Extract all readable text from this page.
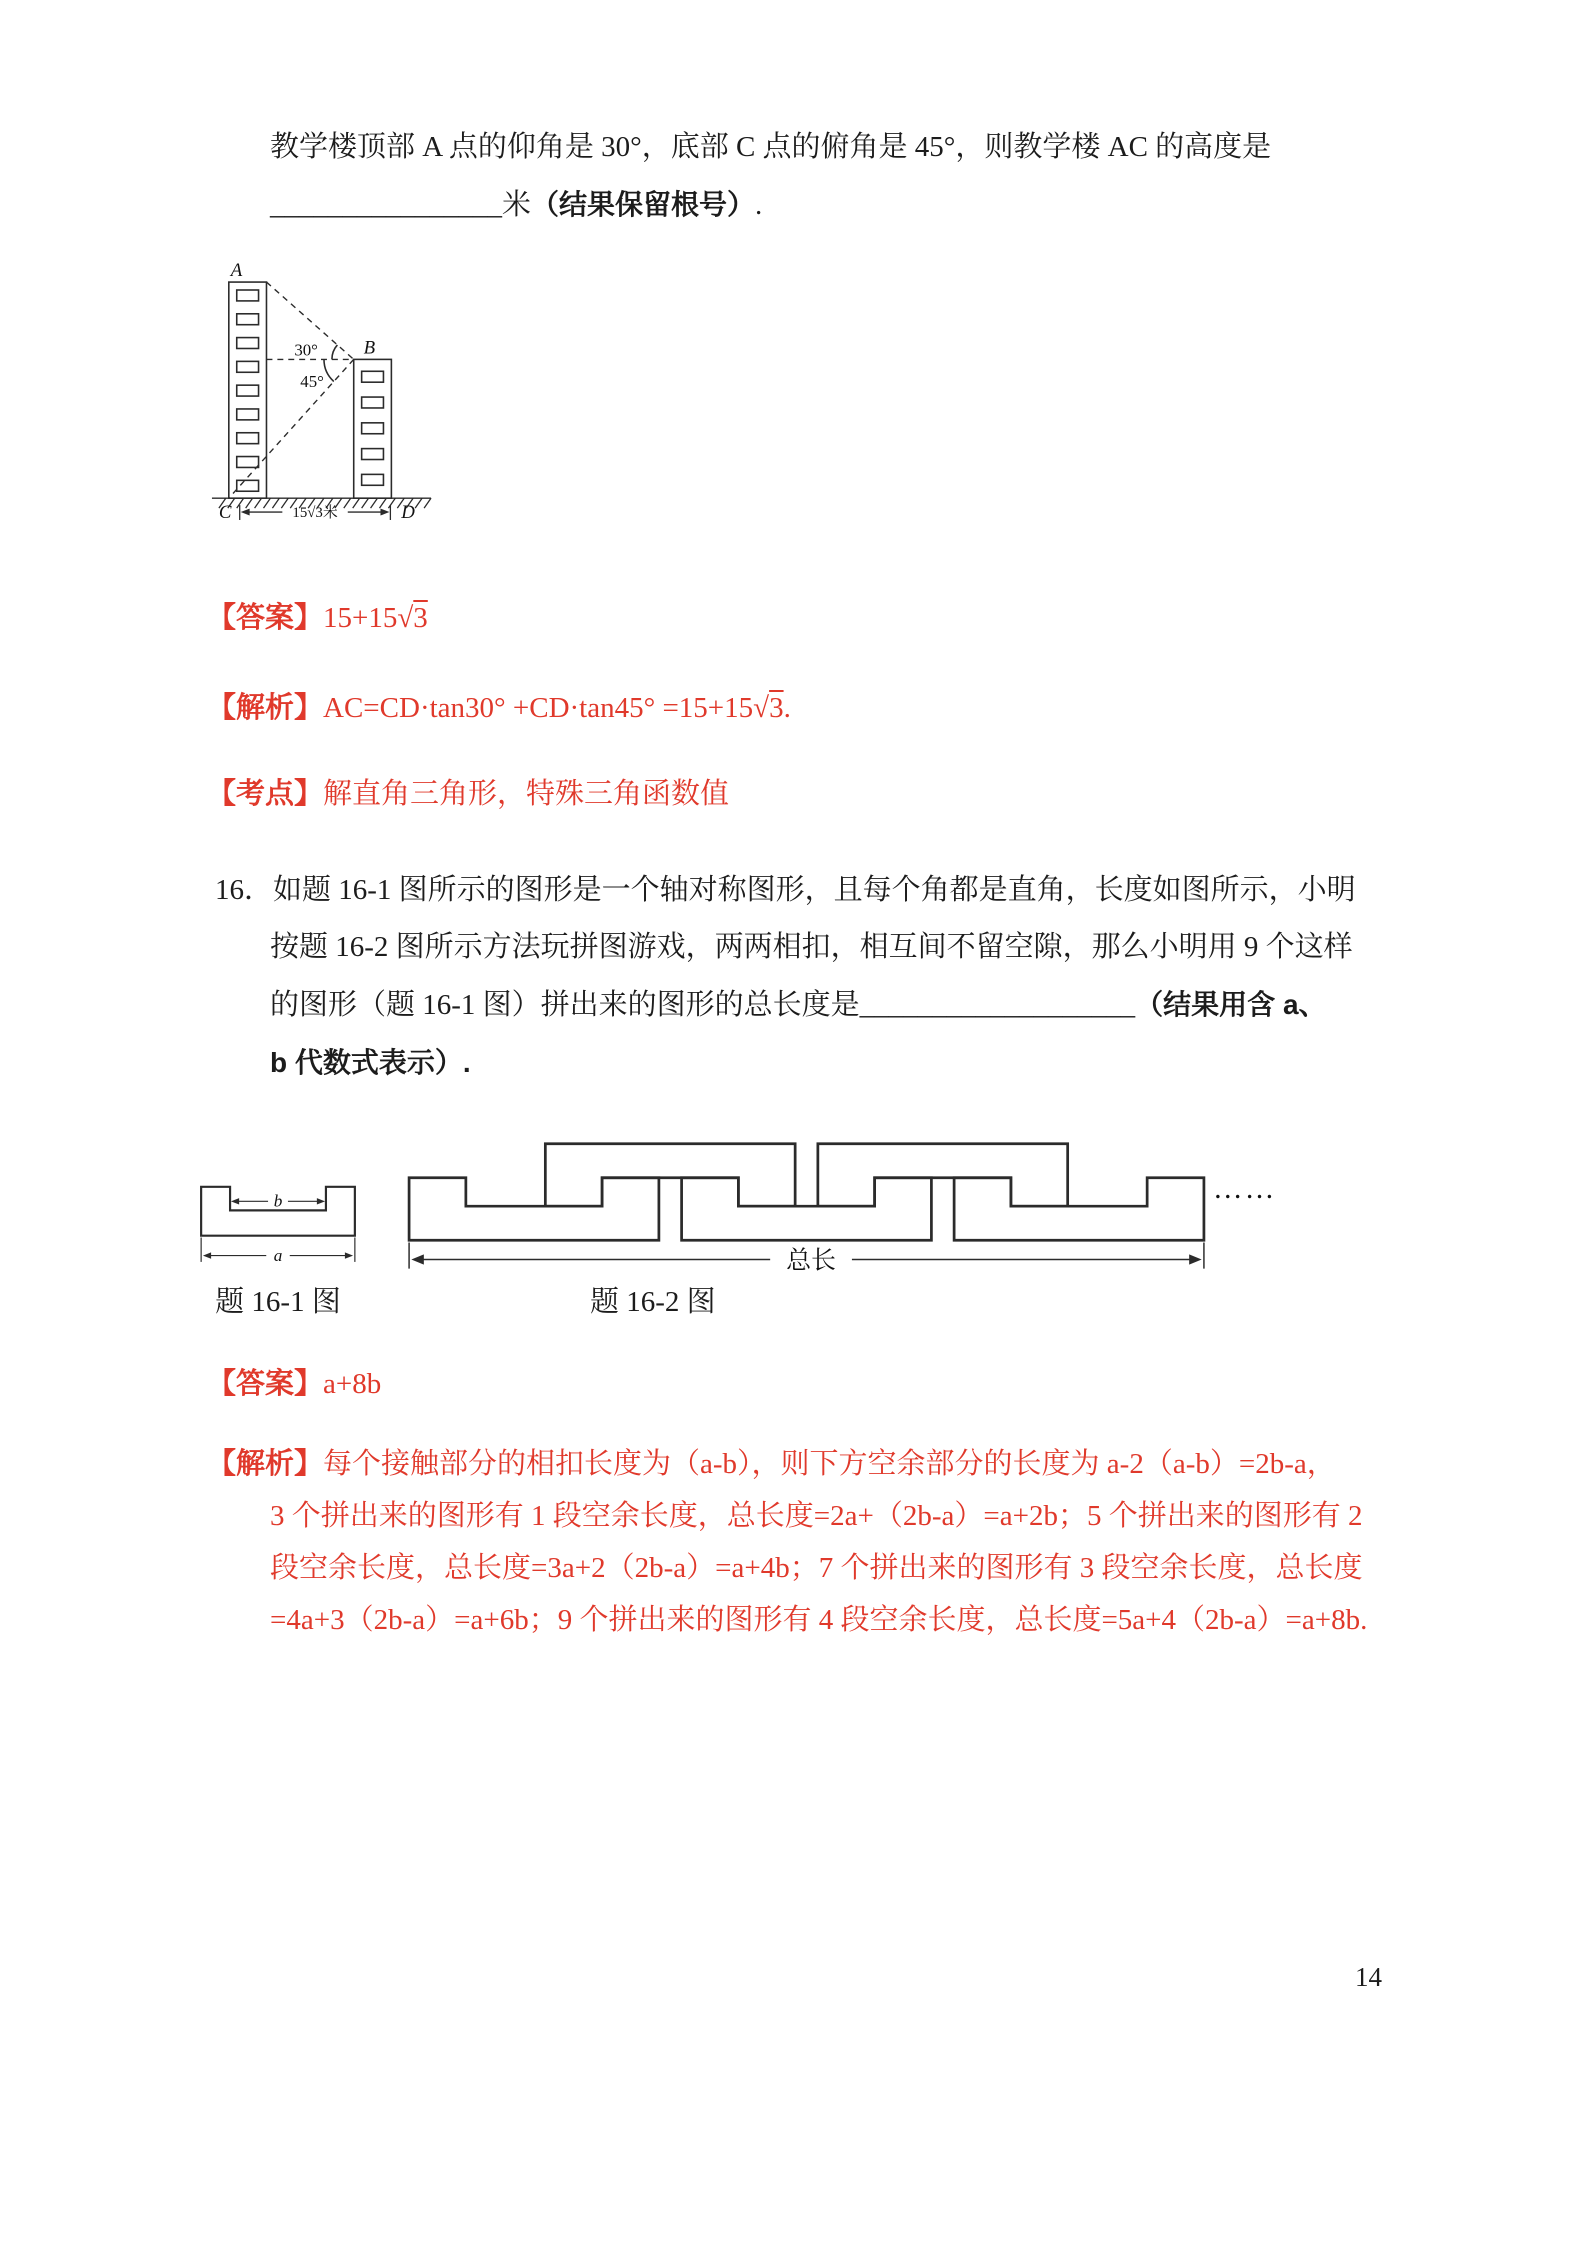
教学楼顶部 A 点的仰角是 30°，底部 C 点的俯角是 45°，则教学楼 AC 的高度是
________________米（结果保留根号）.
A
B
C	D
30°
45°
15√3米
【答案】15+15√3
【解析】AC=CD·tan30° +CD·tan45° =15+15√3.
【考点】解直角三角形，特殊三角函数值
16．如题 16-1 图所示的图形是一个轴对称图形，且每个角都是直角，长度如图所示，小明
按题 16-2 图所示方法玩拼图游戏，两两相扣，相互间不留空隙，那么小明用 9 个这样
的图形（题 16-1 图）拼出来的图形的总长度是___________________（结果用含 a、
b 代数式表示）.
b
a
题 16-1 图
总长
……
题 16-2 图
【答案】a+8b
【解析】每个接触部分的相扣长度为（a-b），则下方空余部分的长度为 a-2（a-b）=2b-a，
3 个拼出来的图形有 1 段空余长度，总长度=2a+（2b-a）=a+2b；5 个拼出来的图形有 2
段空余长度，总长度=3a+2（2b-a）=a+4b；7 个拼出来的图形有 3 段空余长度，总长度
=4a+3（2b-a）=a+6b；9 个拼出来的图形有 4 段空余长度，总长度=5a+4（2b-a）=a+8b.
14
